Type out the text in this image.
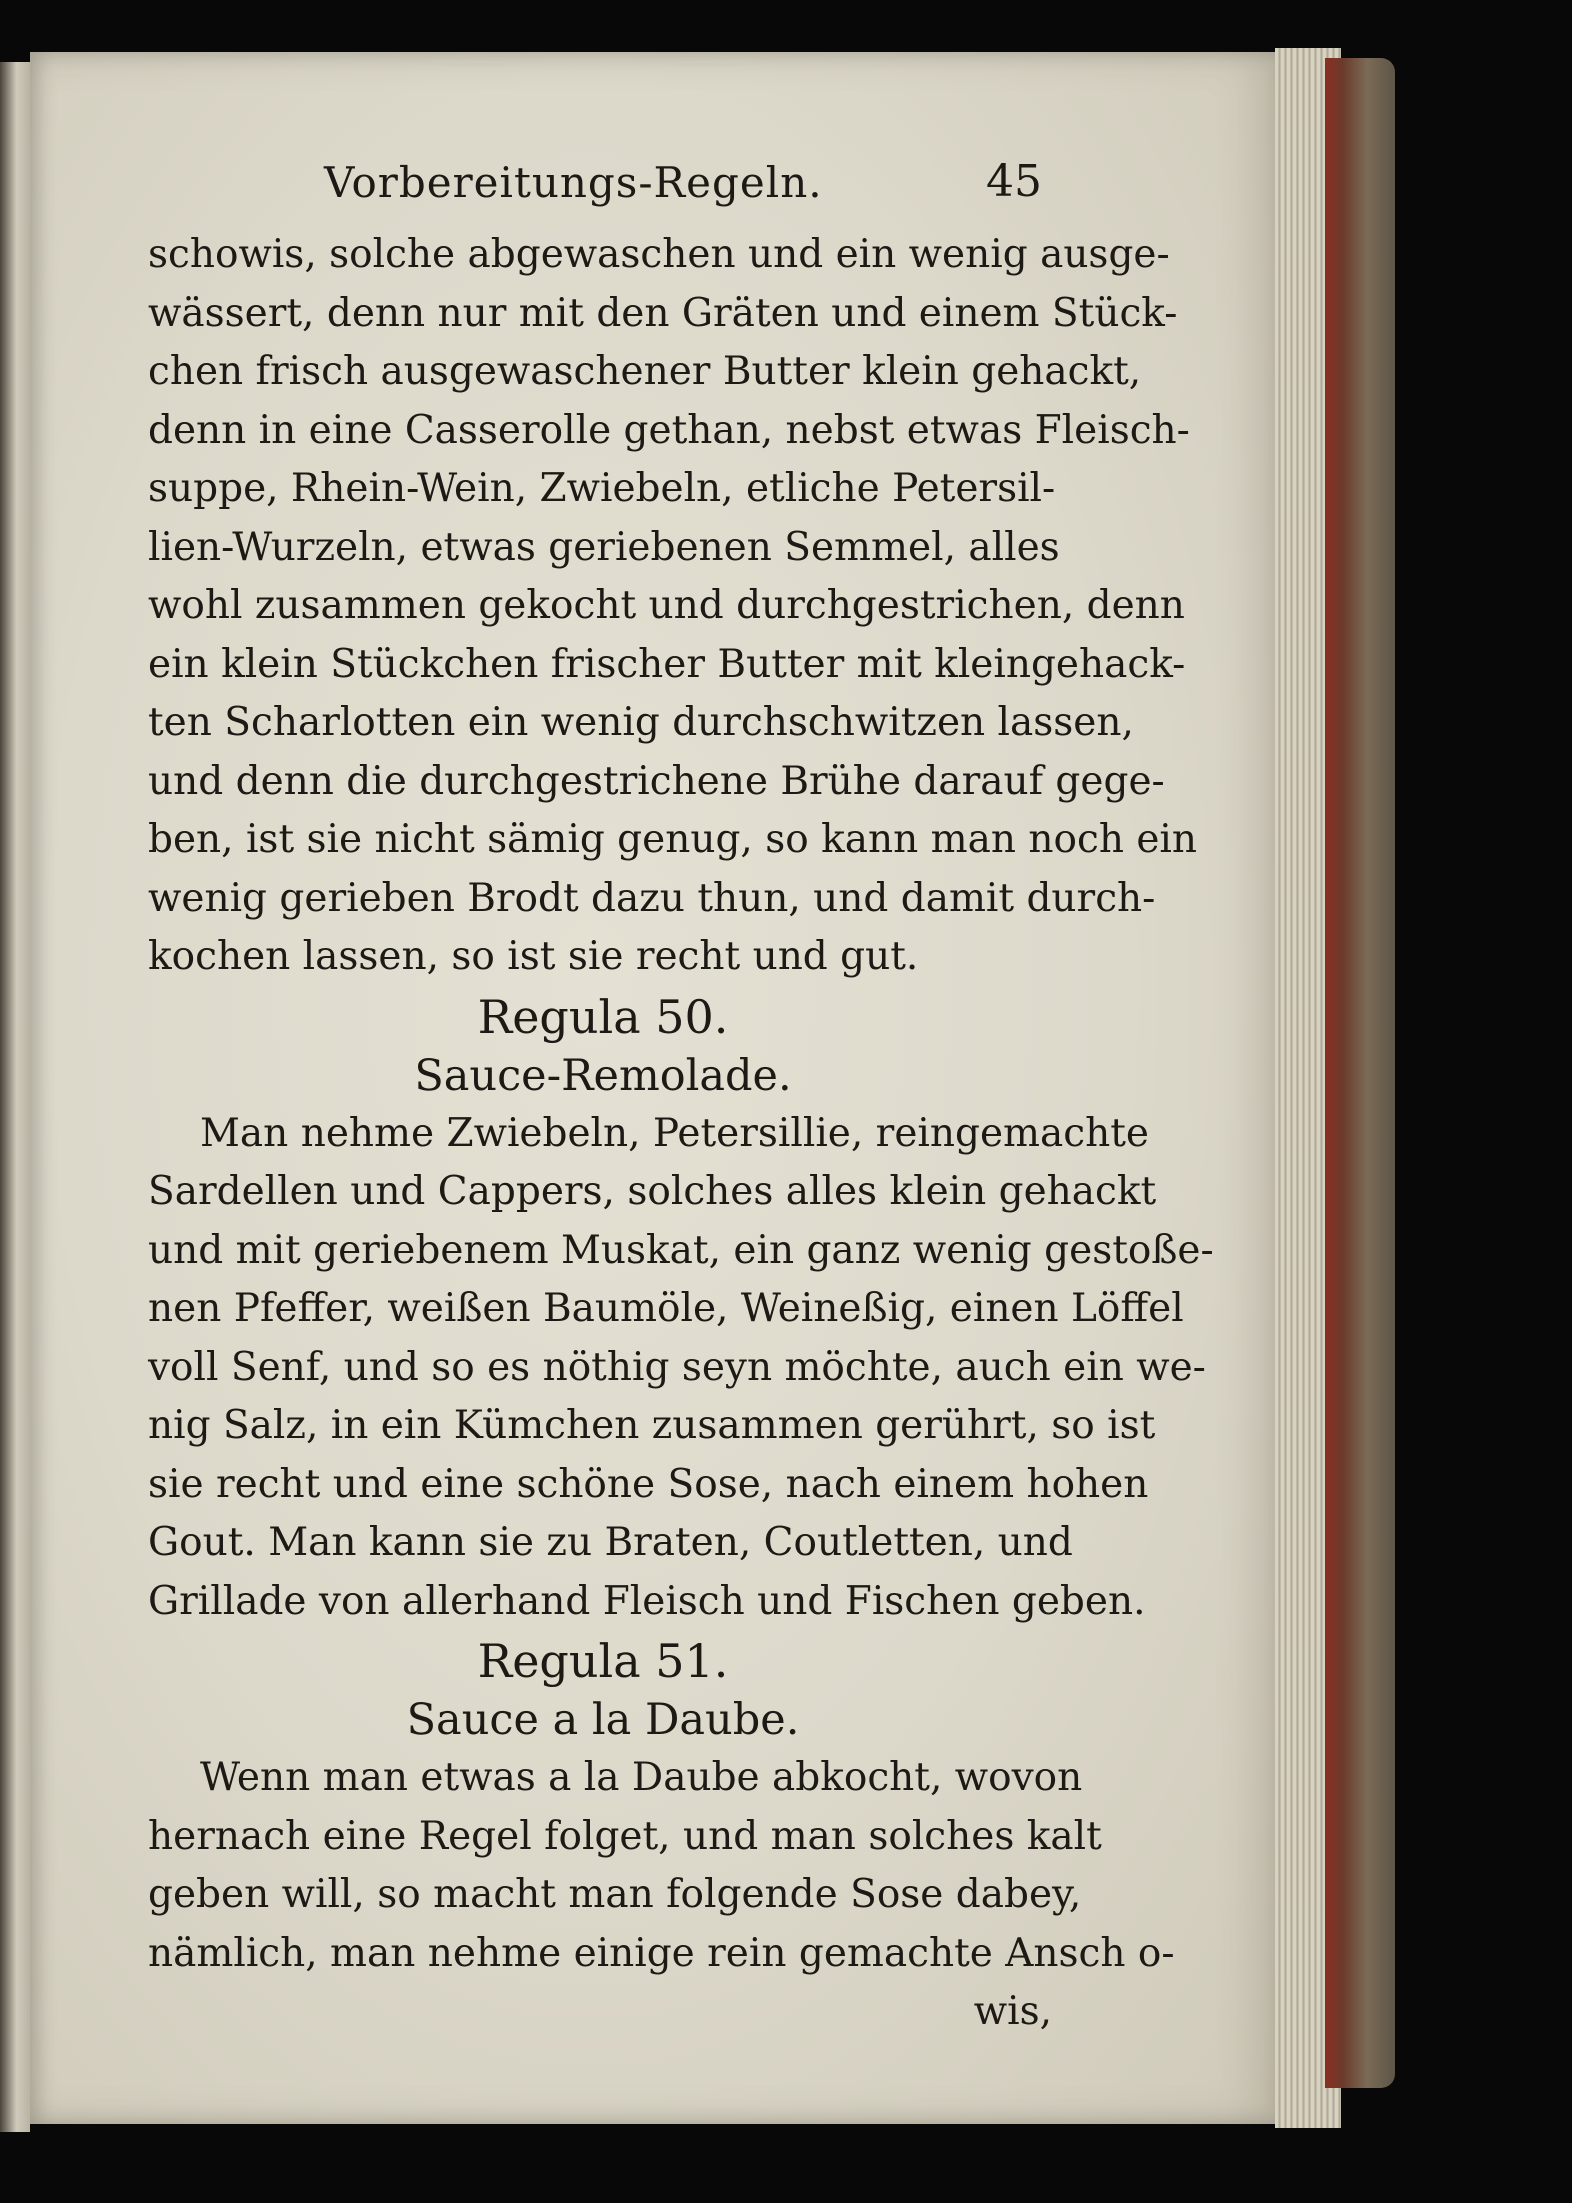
Vorbereitungs-Regeln.	45
schowis, solche abgewaschen und ein wenig ausge-
wässert, denn nur mit den Gräten und einem Stück-
chen frisch ausgewaschener Butter klein gehackt,
denn in eine Casserolle gethan, nebst etwas Fleisch-
suppe, Rhein-Wein, Zwiebeln, etliche Petersil-
lien-Wurzeln, etwas geriebenen Semmel, alles
wohl zusammen gekocht und durchgestrichen, denn
ein klein Stückchen frischer Butter mit kleingehack-
ten Scharlotten ein wenig durchschwitzen lassen,
und denn die durchgestrichene Brühe darauf gege-
ben, ist sie nicht sämig genug, so kann man noch ein
wenig gerieben Brodt dazu thun, und damit durch-
kochen lassen, so ist sie recht und gut.
Regula 50.
Sauce-Remolade.
Man nehme Zwiebeln, Petersillie, reingemachte
Sardellen und Cappers, solches alles klein gehackt
und mit geriebenem Muskat, ein ganz wenig gestoße-
nen Pfeffer, weißen Baumöle, Weineßig, einen Löffel
voll Senf, und so es nöthig seyn möchte, auch ein we-
nig Salz, in ein Kümchen zusammen gerührt, so ist
sie recht und eine schöne Sose, nach einem hohen
Gout. Man kann sie zu Braten, Coutletten, und
Grillade von allerhand Fleisch und Fischen geben.
Regula 51.
Sauce a la Daube.
Wenn man etwas a la Daube abkocht, wovon
hernach eine Regel folget, und man solches kalt
geben will, so macht man folgende Sose dabey,
nämlich, man nehme einige rein gemachte Ansch o-
wis,
